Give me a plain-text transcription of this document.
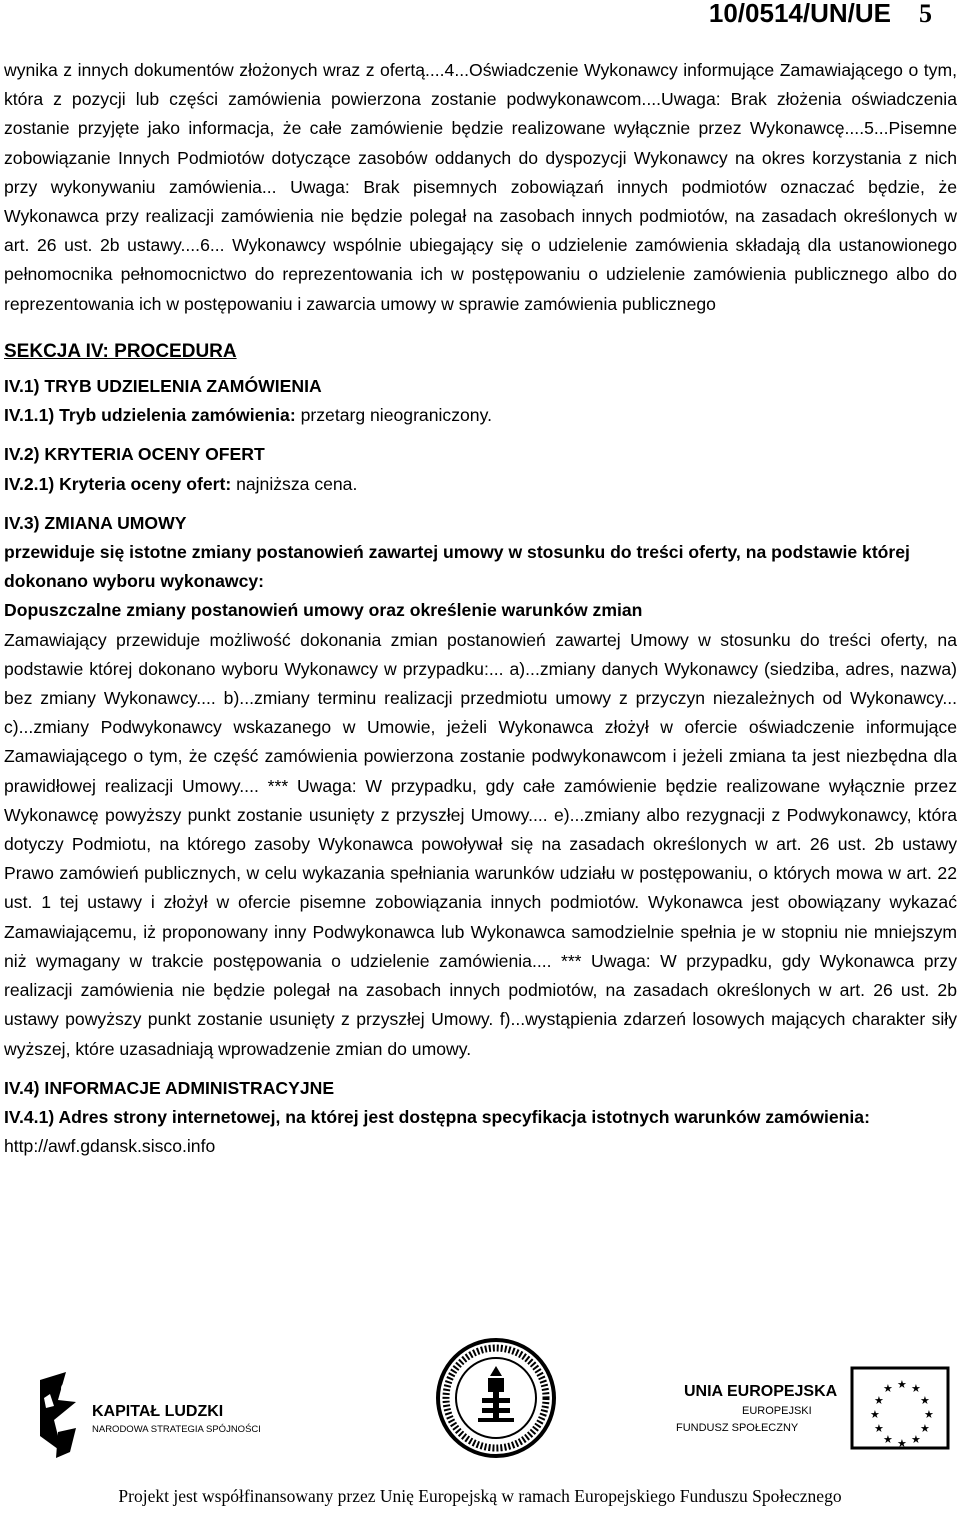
10/0514/UN/UE 5

wynika z innych dokumentów złożonych wraz z ofertą....4...Oświadczenie Wykonawcy informujące Zamawiającego o tym, która z pozycji lub części zamówienia powierzona zostanie podwykonawcom....Uwaga: Brak złożenia oświadczenia zostanie przyjęte jako informacja, że całe zamówienie będzie realizowane wyłącznie przez Wykonawcę....5...Pisemne zobowiązanie Innych Podmiotów dotyczące zasobów oddanych do dyspozycji Wykonawcy na okres korzystania z nich przy wykonywaniu zamówienia... Uwaga: Brak pisemnych zobowiązań innych podmiotów oznaczać będzie, że Wykonawca przy realizacji zamówienia nie będzie polegał na zasobach innych podmiotów, na zasadach określonych w art. 26 ust. 2b ustawy....6... Wykonawcy wspólnie ubiegający się o udzielenie zamówienia składają dla ustanowionego pełnomocnika pełnomocnictwo do reprezentowania ich w postępowaniu o udzielenie zamówienia publicznego albo do reprezentowania ich w postępowaniu i zawarcia umowy w sprawie zamówienia publicznego

SEKCJA IV: PROCEDURA

IV.1) TRYB UDZIELENIA ZAMÓWIENIA

IV.1.1) Tryb udzielenia zamówienia: przetarg nieograniczony.

IV.2) KRYTERIA OCENY OFERT

IV.2.1) Kryteria oceny ofert: najniższa cena.

IV.3) ZMIANA UMOWY

przewiduje się istotne zmiany postanowień zawartej umowy w stosunku do treści oferty, na podstawie której dokonano wyboru wykonawcy:

Dopuszczalne zmiany postanowień umowy oraz określenie warunków zmian

Zamawiający przewiduje możliwość dokonania zmian postanowień zawartej Umowy w stosunku do treści oferty, na podstawie której dokonano wyboru Wykonawcy w przypadku:... a)...zmiany danych Wykonawcy (siedziba, adres, nazwa) bez zmiany Wykonawcy.... b)...zmiany terminu realizacji przedmiotu umowy z przyczyn niezależnych od Wykonawcy... c)...zmiany Podwykonawcy wskazanego w Umowie, jeżeli Wykonawca złożył w ofercie oświadczenie informujące Zamawiającego o tym, że część zamówienia powierzona zostanie podwykonawcom i jeżeli zmiana ta jest niezbędna dla prawidłowej realizacji Umowy.... *** Uwaga: W przypadku, gdy całe zamówienie będzie realizowane wyłącznie przez Wykonawcę powyższy punkt zostanie usunięty z przyszłej Umowy.... e)...zmiany albo rezygnacji z Podwykonawcy, która dotyczy Podmiotu, na którego zasoby Wykonawca powoływał się na zasadach określonych w art. 26 ust. 2b ustawy Prawo zamówień publicznych, w celu wykazania spełniania warunków udziału w postępowaniu, o których mowa w art. 22 ust. 1 tej ustawy i złożył w ofercie pisemne zobowiązania innych podmiotów. Wykonawca jest obowiązany wykazać Zamawiającemu, iż proponowany inny Podwykonawca lub Wykonawca samodzielnie spełnia je w stopniu nie mniejszym niż wymagany w trakcie postępowania o udzielenie zamówienia.... *** Uwaga: W przypadku, gdy Wykonawca przy realizacji zamówienia nie będzie polegał na zasobach innych podmiotów, na zasadach określonych w art. 26 ust. 2b ustawy powyższy punkt zostanie usunięty z przyszłej Umowy. f)...wystąpienia zdarzeń losowych mających charakter siły wyższej, które uzasadniają wprowadzenie zmian do umowy.

IV.4) INFORMACJE ADMINISTRACYJNE

IV.4.1) Adres strony internetowej, na której jest dostępna specyfikacja istotnych warunków zamówienia: http://awf.gdansk.sisco.info

KAPITAŁ LUDZKI
NARODOWA STRATEGIA SPÓJNOŚCI
UNIA EUROPEJSKA
EUROPEJSKI
FUNDUSZ SPOŁECZNY
★ ★
★
★
★
★
★
★
★
★
★
★
Projekt jest współfinansowany przez Unię Europejską w ramach Europejskiego Funduszu Społecznego
